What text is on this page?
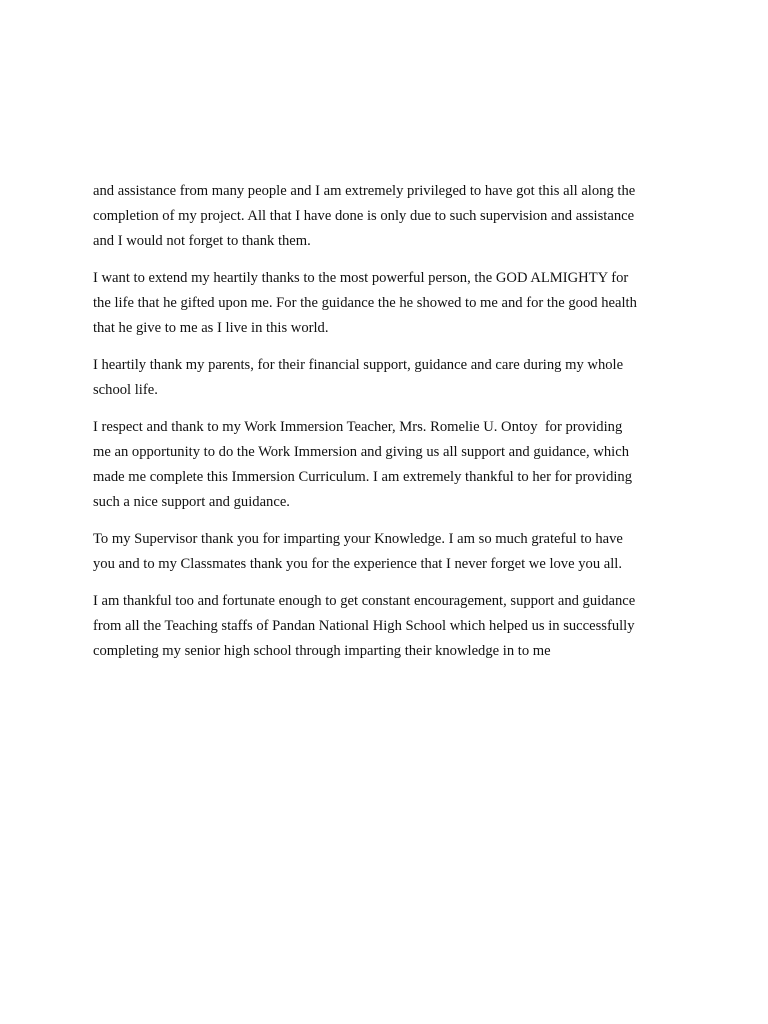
and assistance from many people and I am extremely privileged to have got this all along the
completion of my project. All that I have done is only due to such supervision and assistance
and I would not forget to thank them.

I want to extend my heartily thanks to the most powerful person, the GOD ALMIGHTY for
the life that he gifted upon me. For the guidance the he showed to me and for the good health
that he give to me as I live in this world.

I heartily thank my parents, for their financial support, guidance and care during my whole
school life.

I respect and thank to my Work Immersion Teacher, Mrs. Romelie U. Ontoy  for providing
me an opportunity to do the Work Immersion and giving us all support and guidance, which
made me complete this Immersion Curriculum. I am extremely thankful to her for providing
such a nice support and guidance.

To my Supervisor thank you for imparting your Knowledge. I am so much grateful to have
you and to my Classmates thank you for the experience that I never forget we love you all.

I am thankful too and fortunate enough to get constant encouragement, support and guidance
from all the Teaching staffs of Pandan National High School which helped us in successfully
completing my senior high school through imparting their knowledge in to me
